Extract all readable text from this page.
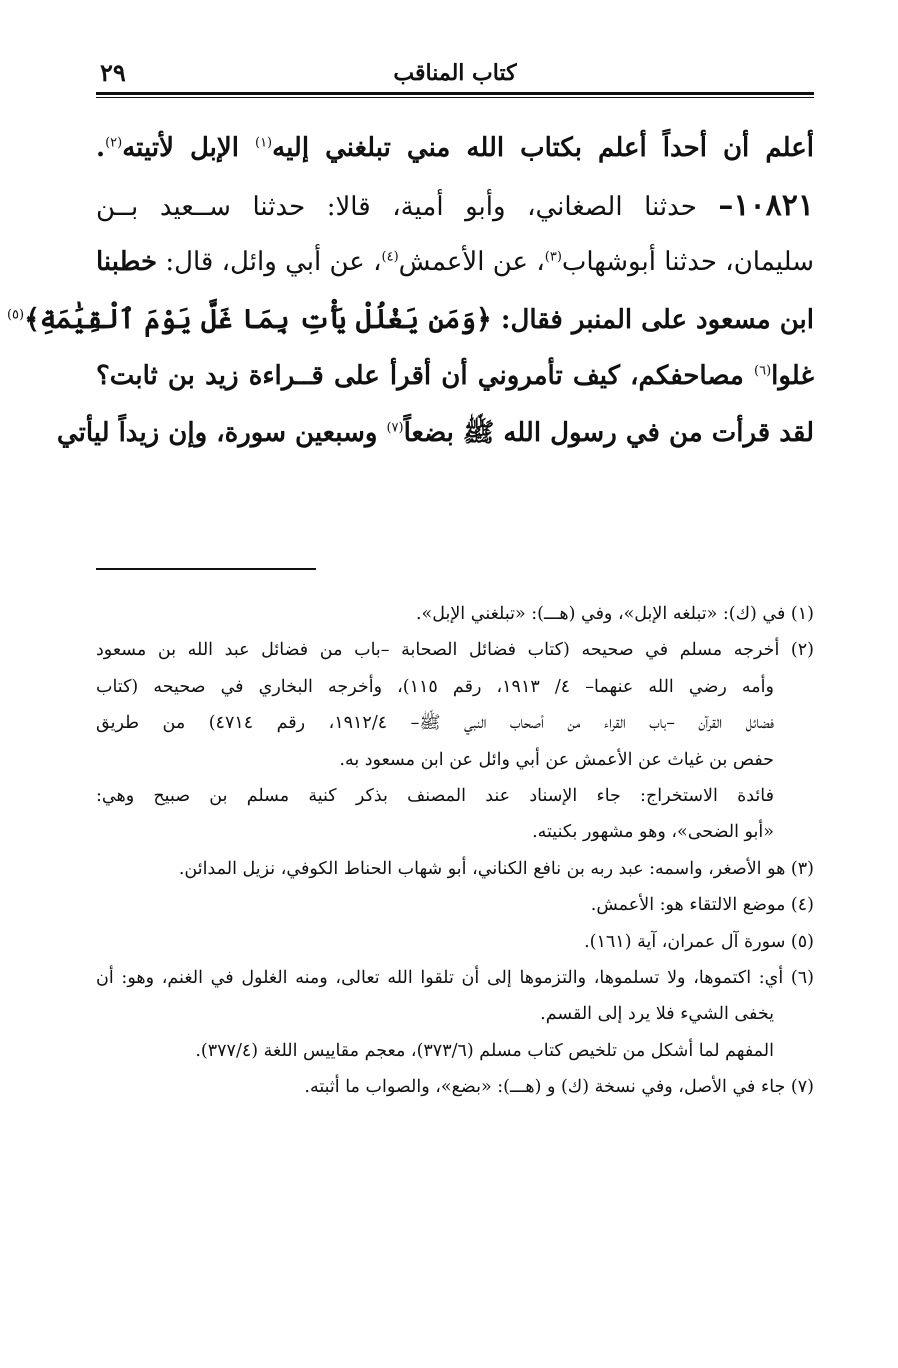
كتاب المناقب
٢٩
أعلم أن أحداً أعلم بكتاب الله مني تبلغني إليه$^{(١)}$ الإبل لأتيته$^{(٢)}$.
١٠٨٢١– حدثنا الصغاني، وأبو أمية، قالا: حدثنا ســعيد بــن
سليمان، حدثنا أبوشهاب$^{(٣)}$، عن الأعمش$^{(٤)}$، عن أبي وائل، قال: خطبنا
ابن مسعود على المنبر فقال: ﴿وَمَن يَغْلُلْ يَأْتِ بِمَا غَلَّ يَوْمَ ٱلْقِيَٰمَةِ﴾$^{(٥)}$
غلوا$^{(٦)}$ مصاحفكم، كيف تأمروني أن أقرأ على قــراءة زيد بن ثابت؟
لقد قرأت من في رسول الله ﷺ بضعاً$^{(٧)}$ وسبعين سورة، وإن زيداً ليأتي
(١) في (ك): «تبلغه الإبل»، وفي (هـــ): «تبلغني الإبل».
(٢) أخرجه مسلم في صحيحه (كتاب فضائل الصحابة –باب من فضائل عبد الله بن مسعود
وأمه رضي الله عنهما– ٤/ ١٩١٣، رقم ١١٥)، وأخرجه البخاري في صحيحه (كتاب
فضائل القرآن –باب القراء من أصحاب النبي ﷺ– ١٩١٢/٤، رقم ٤٧١٤) من طريق
حفص بن غياث عن الأعمش عن أبي وائل عن ابن مسعود به.
فائدة الاستخراج: جاء الإسناد عند المصنف بذكر كنية مسلم بن صبيح وهي:
«أبو الضحى»، وهو مشهور بكنيته.
(٣) هو الأصغر، واسمه: عبد ربه بن نافع الكناني، أبو شهاب الحناط الكوفي، نزيل المدائن.
(٤) موضع الالتقاء هو: الأعمش.
(٥) سورة آل عمران، آية (١٦١).
(٦) أي: اكتموها، ولا تسلموها، والتزموها إلى أن تلقوا الله تعالى، ومنه الغلول في الغنم، وهو: أن
يخفى الشيء فلا يرد إلى القسم.
المفهم لما أشكل من تلخيص كتاب مسلم (٣٧٣/٦)، معجم مقاييس اللغة (٣٧٧/٤).
(٧) جاء في الأصل، وفي نسخة (ك) و (هـــ): «بضع»، والصواب ما أثبته.
